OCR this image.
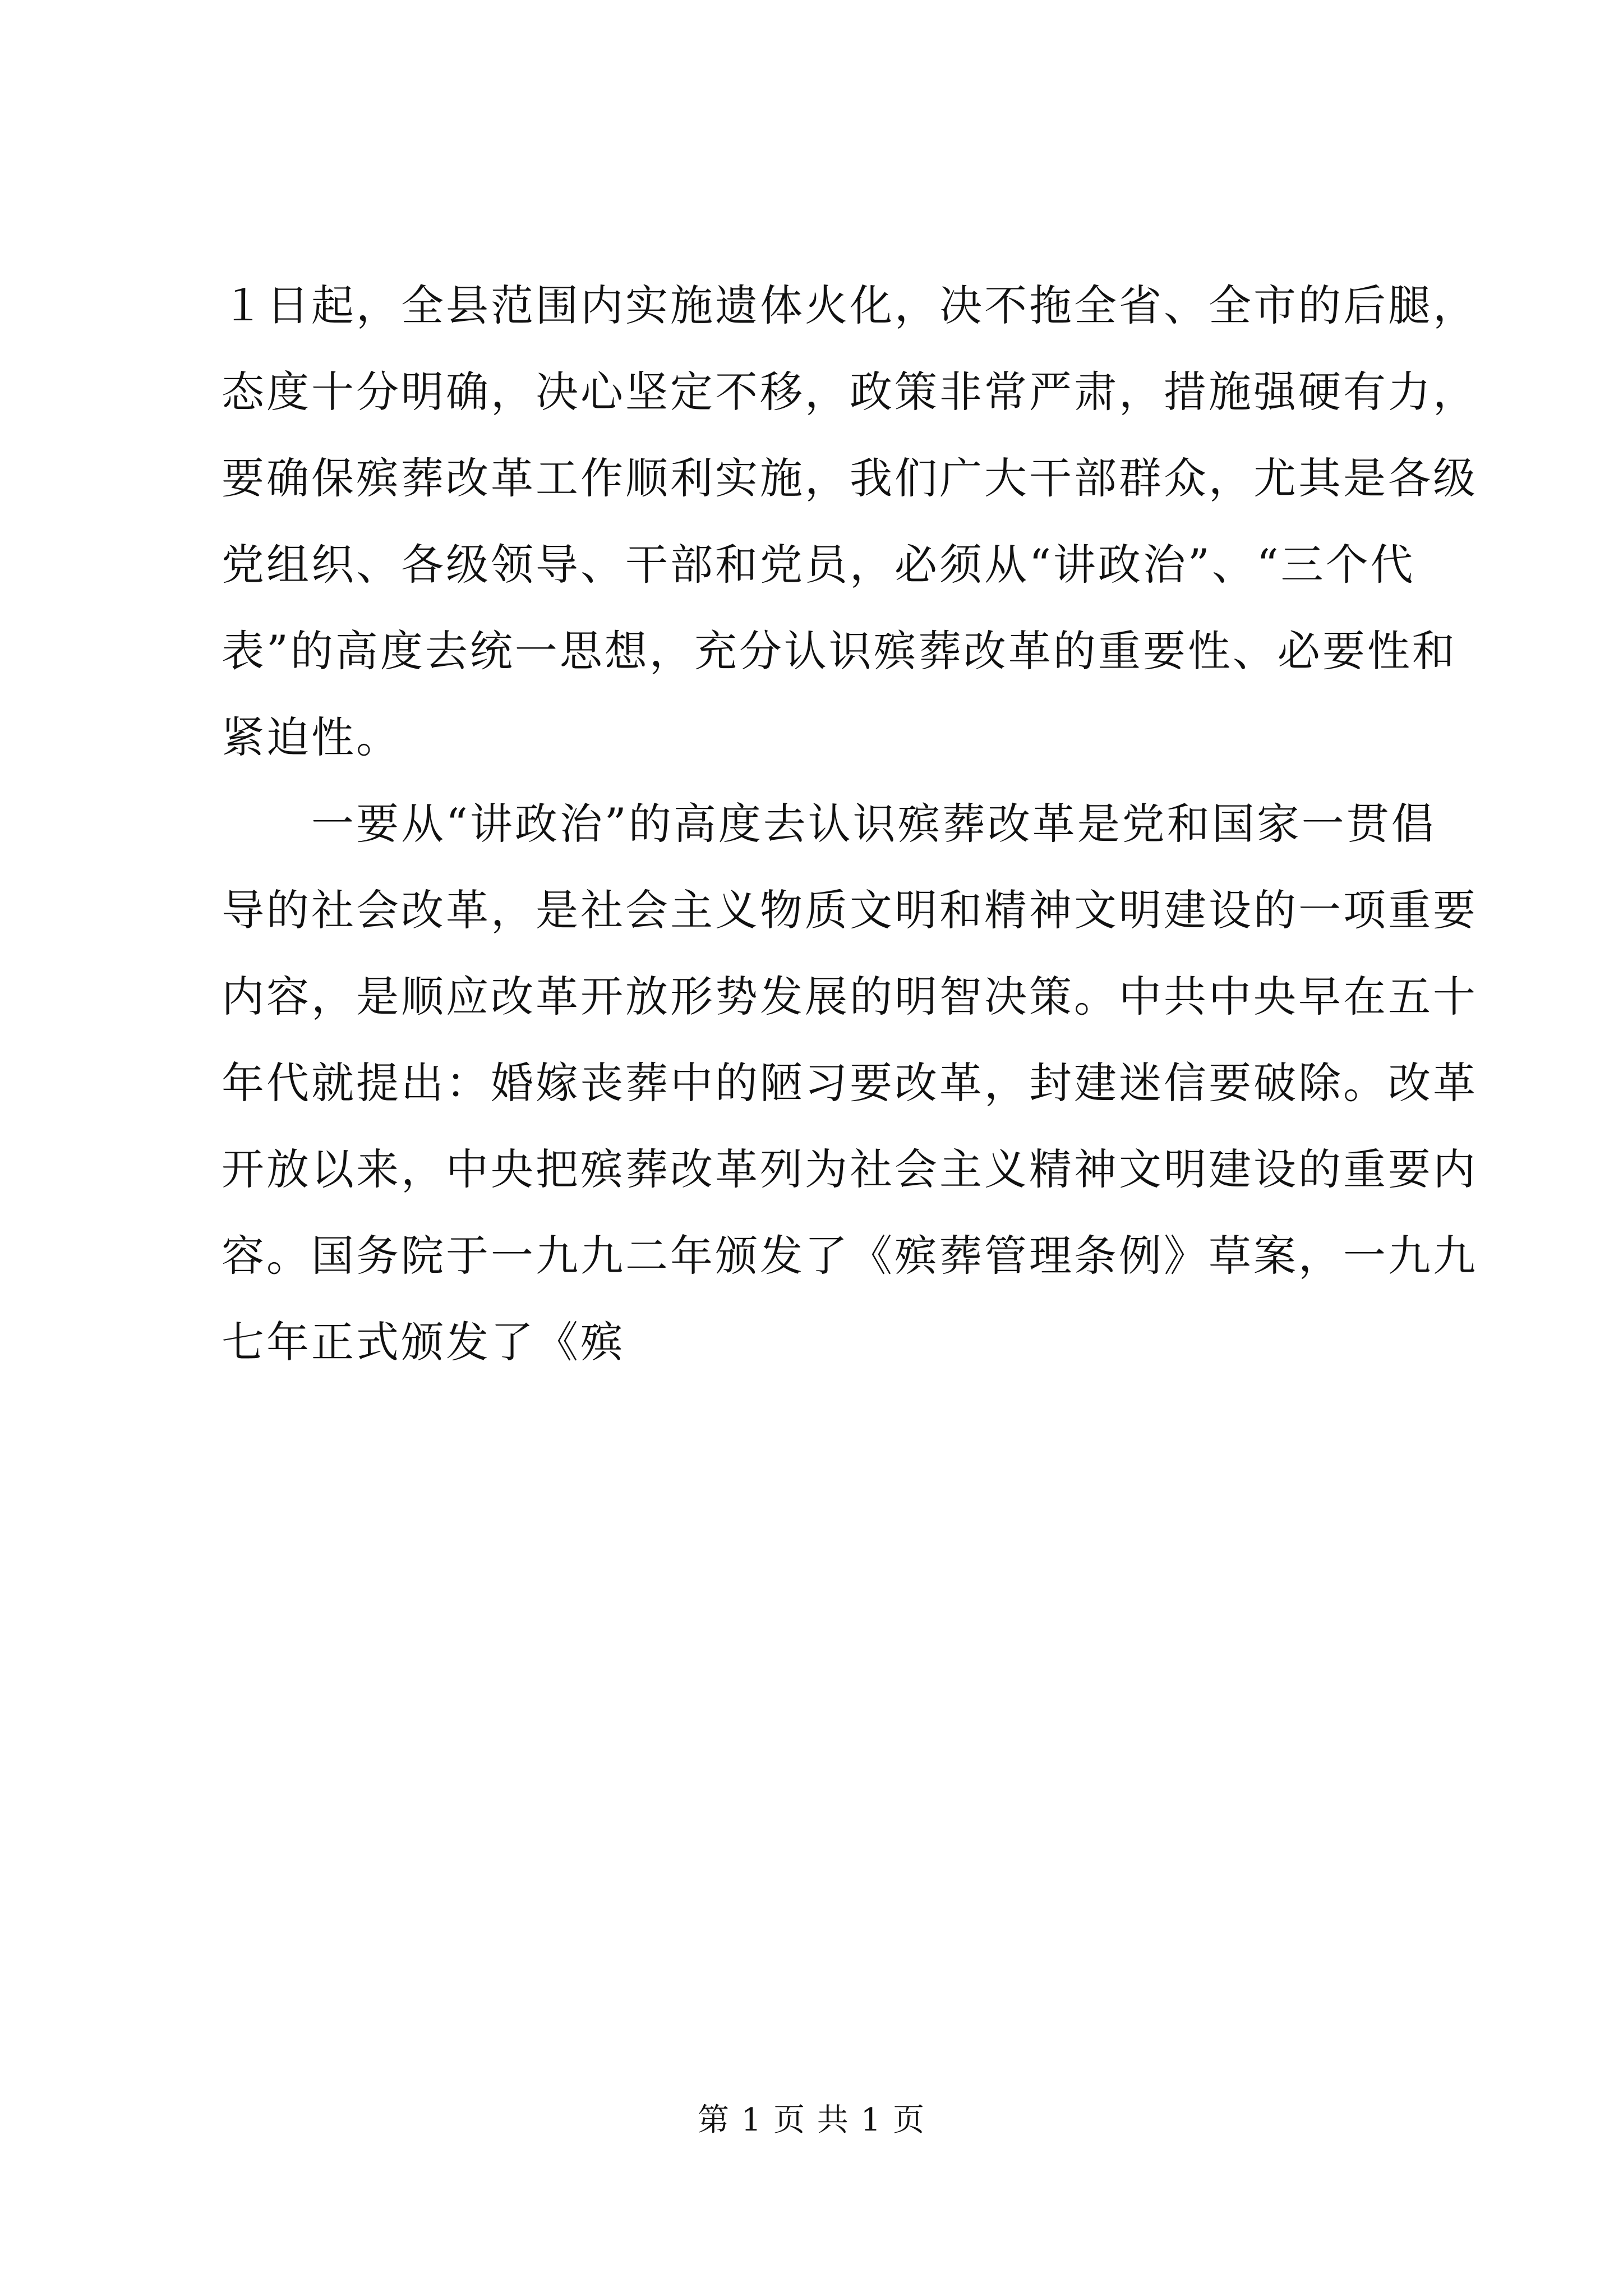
１日起，全县范围内实施遗体火化，决不拖全省、全市的后腿，
态度十分明确，决心坚定不移，政策非常严肃，措施强硬有力，
要确保殡葬改革工作顺利实施，我们广大干部群众，尤其是各级
党组织、各级领导、干部和党员，必须从“讲政治”、“三个代
表”的高度去统一思想，充分认识殡葬改革的重要性、必要性和
紧迫性。

一要从“讲政治”的高度去认识殡葬改革是党和国家一贯倡
导的社会改革，是社会主义物质文明和精神文明建设的一项重要
内容，是顺应改革开放形势发展的明智决策。中共中央早在五十
年代就提出：婚嫁丧葬中的陋习要改革，封建迷信要破除。改革
开放以来，中央把殡葬改革列为社会主义精神文明建设的重要内
容。国务院于一九九二年颁发了《殡葬管理条例》草案，一九九
七年正式颁发了《殡

第 1 页 共 1 页
